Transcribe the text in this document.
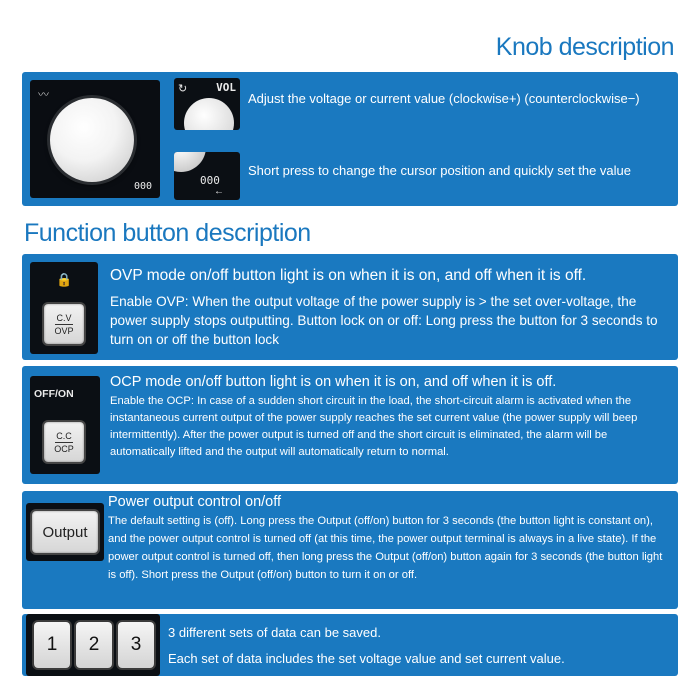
Knob description
Function button description
〰
000
VOL
↻
Adjust the voltage or current value (clockwise+) (counterclockwise−)
000
←
Short press to change the cursor position and quickly set the value
🔒
C.V
OVP
OVP mode on/off button light is on when it is on, and off when it is off.
Enable OVP: When the output voltage of the power supply is > the set over-voltage, the power supply stops outputting. Button lock on or off: Long press the button for 3 seconds to turn on or off the button lock
OFF/ON
C.C
OCP
OCP mode on/off button light is on when it is on, and off when it is off.
Enable the OCP: In case of a sudden short circuit in the load, the short-circuit alarm is activated when the instantaneous current output of the power supply reaches the set current value (the power supply will beep intermittently). After the power output is turned off and the short circuit is eliminated, the alarm will be automatically lifted and the output will automatically return to normal.
Output
Power output control on/off
The default setting is (off). Long press the Output (off/on) button for 3 seconds (the button light is constant on), and the power output control is turned off (at this time, the power output terminal is always in a live state). If the power output control is turned off, then long press the Output (off/on) button again for 3 seconds (the button light is off). Short press the Output (off/on) button to turn it on or off.
1	2	3
3 different sets of data can be saved.
Each set of data includes the set voltage value and set current value.
